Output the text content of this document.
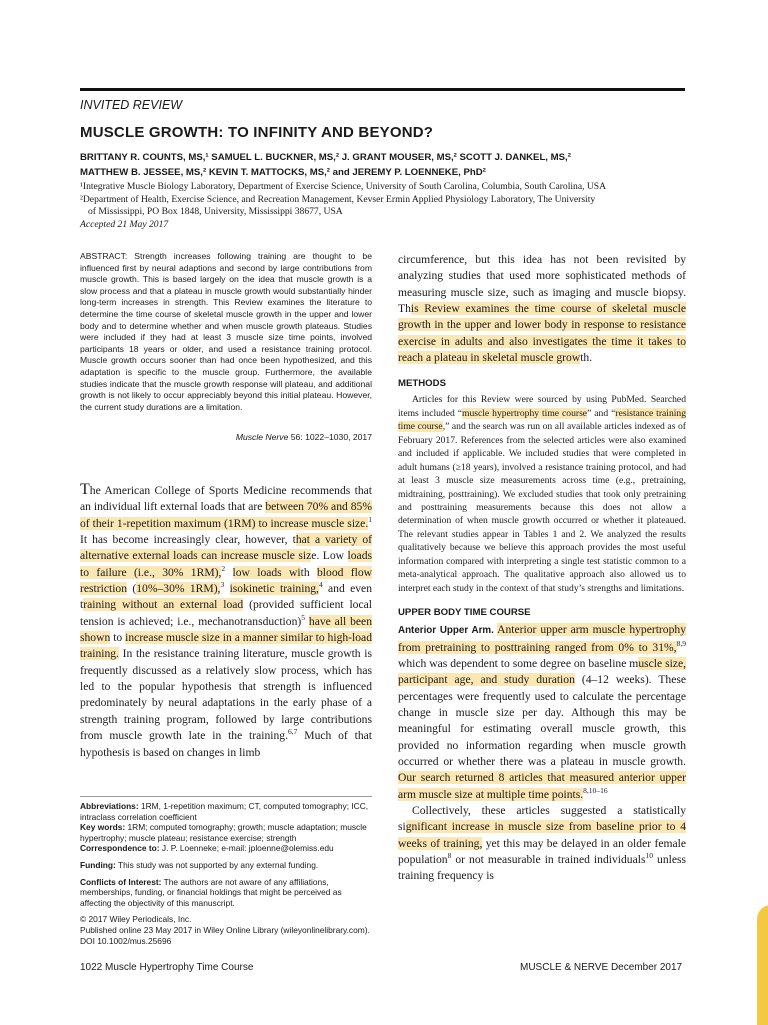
INVITED REVIEW
MUSCLE GROWTH: TO INFINITY AND BEYOND?
BRITTANY R. COUNTS, MS,¹ SAMUEL L. BUCKNER, MS,² J. GRANT MOUSER, MS,² SCOTT J. DANKEL, MS,²
MATTHEW B. JESSEE, MS,² KEVIN T. MATTOCKS, MS,² and JEREMY P. LOENNEKE, PhD²

¹Integrative Muscle Biology Laboratory, Department of Exercise Science, University of South Carolina, Columbia, South Carolina, USA

²Department of Health, Exercise Science, and Recreation Management, Kevser Ermin Applied Physiology Laboratory, The University

of Mississippi, PO Box 1848, University, Mississippi 38677, USA

Accepted 21 May 2017

ABSTRACT: Strength increases following training are thought to be influenced first by neural adaptions and second by large contributions from muscle growth. This is based largely on the idea that muscle growth is a slow process and that a plateau in muscle growth would substantially hinder long-term increases in strength. This Review examines the literature to determine the time course of skeletal muscle growth in the upper and lower body and to determine whether and when muscle growth plateaus. Studies were included if they had at least 3 muscle size time points, involved participants 18 years or older, and used a resistance training protocol. Muscle growth occurs sooner than had once been hypothesized, and this adaptation is specific to the muscle group. Furthermore, the available studies indicate that the muscle growth response will plateau, and additional growth is not likely to occur appreciably beyond this initial plateau. However, the current study durations are a limitation.

Muscle Nerve 56: 1022–1030, 2017

The American College of Sports Medicine recommends that an individual lift external loads that are between 70% and 85% of their 1-repetition maximum (1RM) to increase muscle size.$^1$ It has become increasingly clear, however, that a variety of alternative external loads can increase muscle size. Low loads to failure (i.e., 30% 1RM),$^2$ low loads with blood flow restriction (10%–30% 1RM),$^3$ isokinetic training,$^4$ and even training without an external load (provided sufficient local tension is achieved; i.e., mechanotransduction)$^5$ have all been shown to increase muscle size in a manner similar to high-load training. In the resistance training literature, muscle growth is frequently discussed as a relatively slow process, which has led to the popular hypothesis that strength is influenced predominately by neural adaptations in the early phase of a strength training program, followed by large contributions from muscle growth late in the training.$^{6,7}$ Much of that hypothesis is based on changes in limb

Abbreviations: 1RM, 1-repetition maximum; CT, computed tomography; ICC, intraclass correlation coefficient

Key words: 1RM; computed tomography; growth; muscle adaptation; muscle hypertrophy; muscle plateau; resistance exercise; strength

Correspondence to: J. P. Loenneke; e-mail: jploenne@olemiss.edu

Funding: This study was not supported by any external funding.

Conflicts of Interest: The authors are not aware of any affiliations, memberships, funding, or financial holdings that might be perceived as affecting the objectivity of this manuscript.

© 2017 Wiley Periodicals, Inc.

Published online 23 May 2017 in Wiley Online Library (wileyonlinelibrary.com).

DOI 10.1002/mus.25696

circumference, but this idea has not been revisited by analyzing studies that used more sophisticated methods of measuring muscle size, such as imaging and muscle biopsy. This Review examines the time course of skeletal muscle growth in the upper and lower body in response to resistance exercise in adults and also investigates the time it takes to reach a plateau in skeletal muscle growth.

METHODS

Articles for this Review were sourced by using PubMed. Searched items included “muscle hypertrophy time course” and “resistance training time course,” and the search was run on all available articles indexed as of February 2017. References from the selected articles were also examined and included if applicable. We included studies that were completed in adult humans (≥18 years), involved a resistance training protocol, and had at least 3 muscle size measurements across time (e.g., pretraining, midtraining, posttraining). We excluded studies that took only pretraining and posttraining measurements because this does not allow a determination of when muscle growth occurred or whether it plateaued. The relevant studies appear in Tables 1 and 2. We analyzed the results qualitatively because we believe this approach provides the most useful information compared with interpreting a single test statistic common to a meta-analytical approach. The qualitative approach also allowed us to interpret each study in the context of that study’s strengths and limitations.

UPPER BODY TIME COURSE

Anterior Upper Arm. Anterior upper arm muscle hypertrophy from pretraining to posttraining ranged from 0% to 31%,$^{8,9}$ which was dependent to some degree on baseline muscle size, participant age, and study duration (4–12 weeks). These percentages were frequently used to calculate the percentage change in muscle size per day. Although this may be meaningful for estimating overall muscle growth, this provided no information regarding when muscle growth occurred or whether there was a plateau in muscle growth. Our search returned 8 articles that measured anterior upper arm muscle size at multiple time points.$^{8,10-16}$

Collectively, these articles suggested a statistically significant increase in muscle size from baseline prior to 4 weeks of training, yet this may be delayed in an older female population$^8$ or not measurable in trained individuals$^{10}$ unless training frequency is

1022 Muscle Hypertrophy Time Course	MUSCLE & NERVE December 2017
